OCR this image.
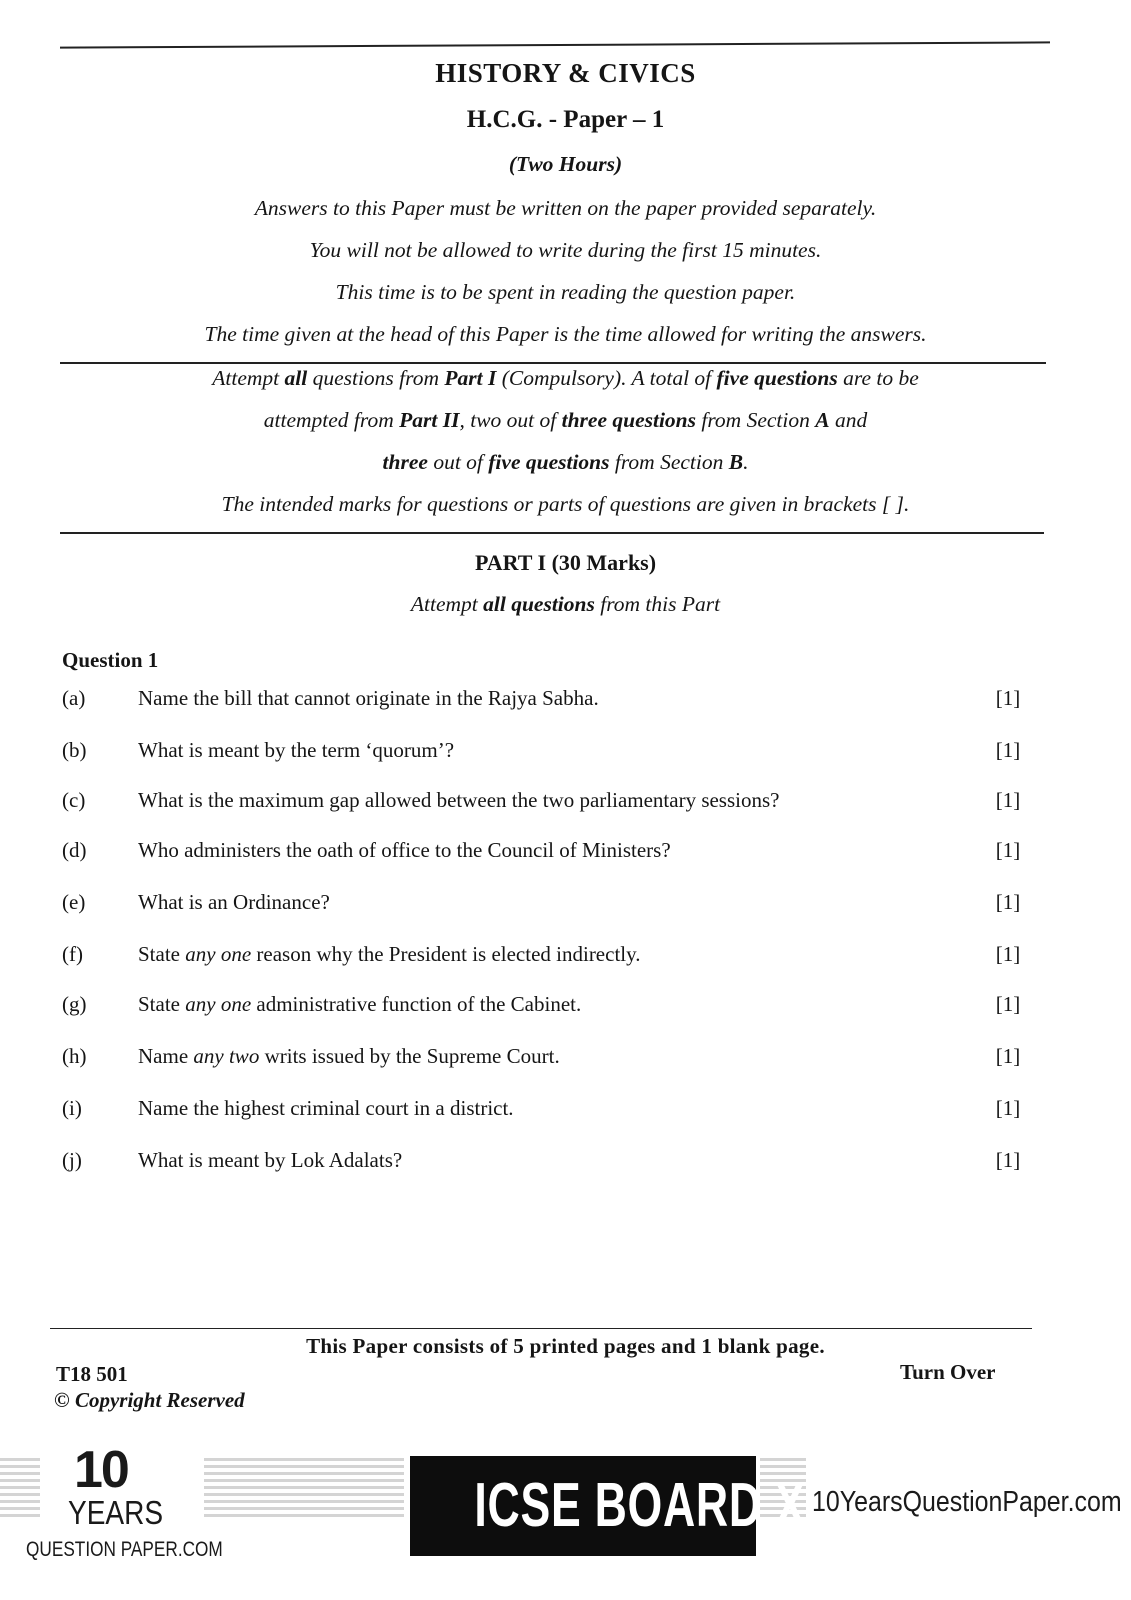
HISTORY & CIVICS
H.C.G. - Paper – 1
(Two Hours)
Answers to this Paper must be written on the paper provided separately.
You will not be allowed to write during the first 15 minutes.
This time is to be spent in reading the question paper.
The time given at the head of this Paper is the time allowed for writing the answers.
Attempt all questions from Part I (Compulsory). A total of five questions are to be
attempted from Part II, two out of three questions from Section A and
three out of five questions from Section B.
The intended marks for questions or parts of questions are given in brackets [ ].
PART I (30 Marks)
Attempt all questions from this Part
Question 1
(a)	Name the bill that cannot originate in the Rajya Sabha.	[1]
(b)	What is meant by the term ‘quorum’?	[1]
(c)	What is the maximum gap allowed between the two parliamentary sessions?	[1]
(d)	Who administers the oath of office to the Council of Ministers?	[1]
(e)	What is an Ordinance?	[1]
(f)	State any one reason why the President is elected indirectly.	[1]
(g)	State any one administrative function of the Cabinet.	[1]
(h)	Name any two writs issued by the Supreme Court.	[1]
(i)	Name the highest criminal court in a district.	[1]
(j)	What is meant by Lok Adalats?	[1]
This Paper consists of 5 printed pages and 1 blank page.
T18 501
© Copyright Reserved
Turn Over
10
YEARS
QUESTION PAPER.COM
ICSE BOARD X 10YearsQuestionPaper.com
